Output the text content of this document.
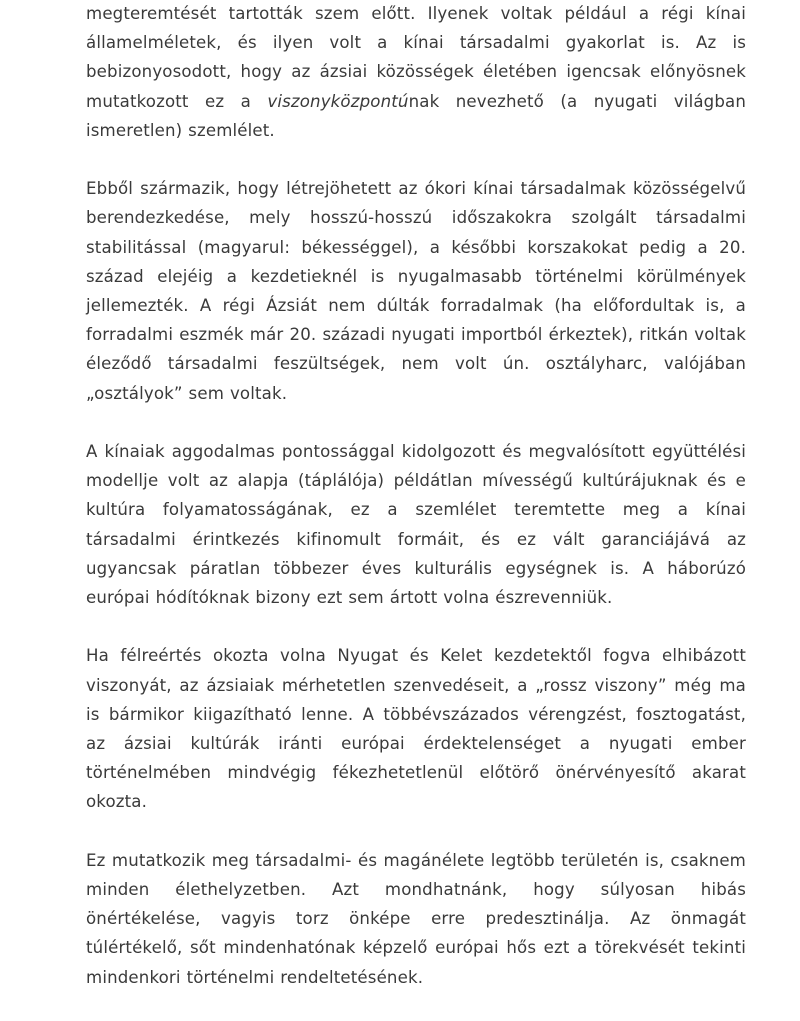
megteremtését tartották szem előtt. Ilyenek voltak például a régi kínai államelméletek, és ilyen volt a kínai társadalmi gyakorlat is. Az is bebizonyosodott, hogy az ázsiai közösségek életében igencsak előnyösnek mutatkozott ez a viszonyközpontúnak nevezhető (a nyugati világban ismeretlen) szemlélet.

Ebből származik, hogy létrejöhetett az ókori kínai társadalmak közösségelvű berendezkedése, mely hosszú-hosszú időszakokra szolgált társadalmi stabilitással (magyarul: békességgel), a későbbi korszakokat pedig a 20. század elejéig a kezdetieknél is nyugalmasabb történelmi körülmények jellemezték. A régi Ázsiát nem dúlták forradalmak (ha előfordultak is, a forradalmi eszmék már 20. századi nyugati importból érkeztek), ritkán voltak éleződő társadalmi feszültségek, nem volt ún. osztályharc, valójában „osztályok” sem voltak.

A kínaiak aggodalmas pontossággal kidolgozott és megvalósított együttélési modellje volt az alapja (táplálója) példátlan mívességű kultúrájuknak és e kultúra folyamatosságának, ez a szemlélet teremtette meg a kínai társadalmi érintkezés kifinomult formáit, és ez vált garanciájává az ugyancsak páratlan többezer éves kulturális egységnek is. A háborúzó európai hódítóknak bizony ezt sem ártott volna észrevenniük.

Ha félreértés okozta volna Nyugat és Kelet kezdetektől fogva elhibázott viszonyát, az ázsiaiak mérhetetlen szenvedéseit, a „rossz viszony” még ma is bármikor kiigazítható lenne. A többévszázados vérengzést, fosztogatást, az ázsiai kultúrák iránti európai érdektelenséget a nyugati ember történelmében mindvégig fékezhetetlenül előtörő önérvényesítő akarat okozta.

Ez mutatkozik meg társadalmi- és magánélete legtöbb területén is, csaknem minden élethelyzetben. Azt mondhatnánk, hogy súlyosan hibás önértékelése, vagyis torz önképe erre predesztinálja. Az önmagát túlértékelő, sőt mindenhatónak képzelő európai hős ezt a törekvését tekinti mindenkori történelmi rendeltetésének.
